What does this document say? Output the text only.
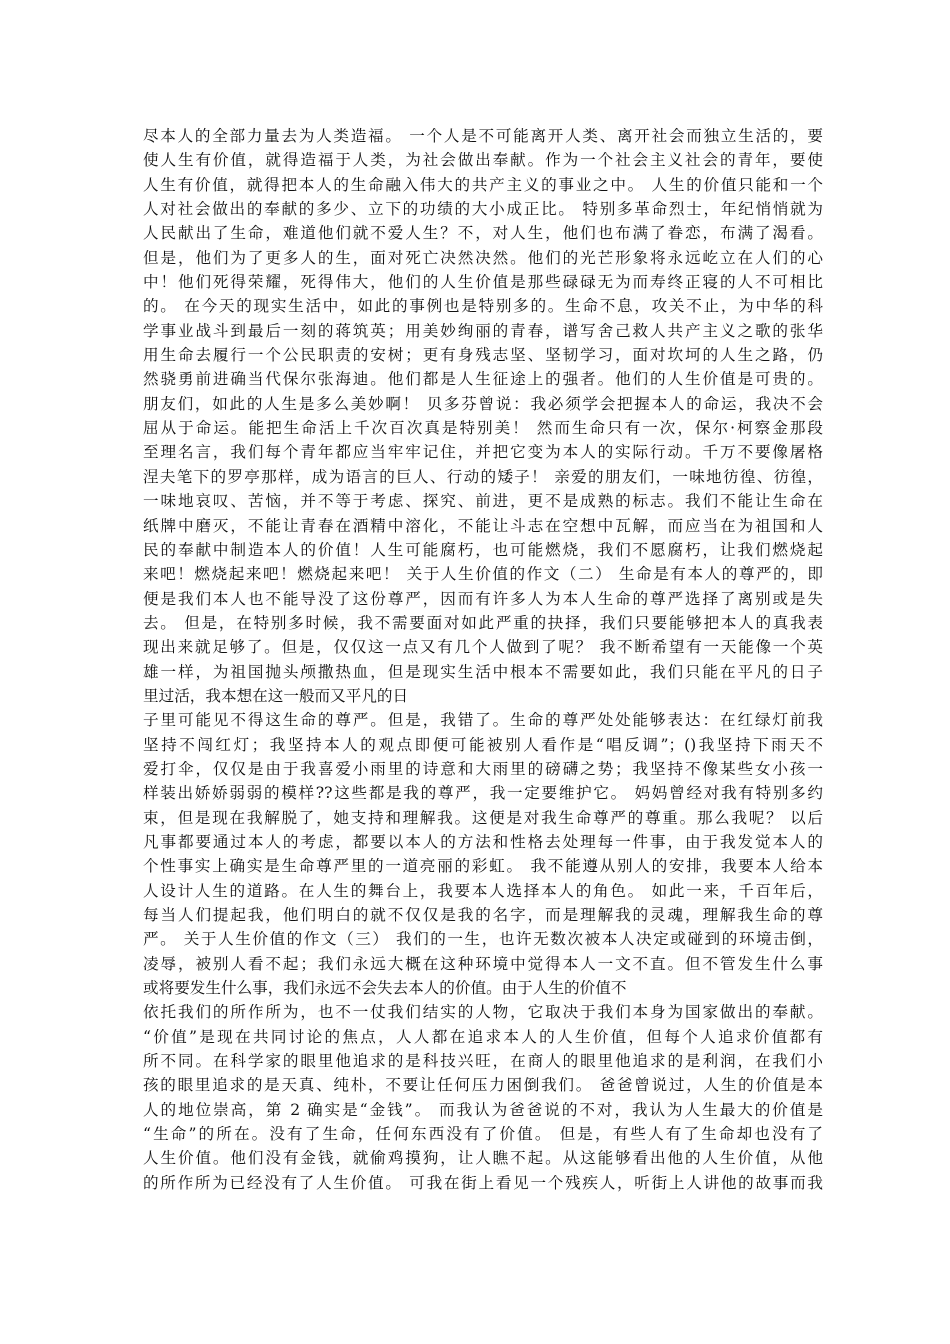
尽本人的全部力量去为人类造福。 一个人是不可能离开人类、离开社会而独立生活的，要
使人生有价值，就得造福于人类，为社会做出奉献。作为一个社会主义社会的青年，要使
人生有价值，就得把本人的生命融入伟大的共产主义的事业之中。 人生的价值只能和一个
人对社会做出的奉献的多少、立下的功绩的大小成正比。 特别多革命烈士，年纪悄悄就为
人民献出了生命，难道他们就不爱人生？不，对人生，他们也布满了眷恋，布满了渴看。
但是，他们为了更多人的生，面对死亡决然决然。他们的光芒形象将永远屹立在人们的心
中！他们死得荣耀，死得伟大，他们的人生价值是那些碌碌无为而寿终正寝的人不可相比
的。 在今天的现实生活中，如此的事例也是特别多的。生命不息，攻关不止，为中华的科
学事业战斗到最后一刻的蒋筑英；用美妙绚丽的青春，谱写舍己救人共产主义之歌的张华
用生命去履行一个公民职责的安树；更有身残志坚、坚韧学习，面对坎坷的人生之路，仍
然骁勇前进确当代保尔张海迪。他们都是人生征途上的强者。他们的人生价值是可贵的。
朋友们，如此的人生是多么美妙啊！ 贝多芬曾说：我必须学会把握本人的命运，我决不会
屈从于命运。能把生命活上千次百次真是特别美！ 然而生命只有一次，保尔·柯察金那段
至理名言，我们每个青年都应当牢牢记住，并把它变为本人的实际行动。千万不要像屠格
涅夫笔下的罗亭那样，成为语言的巨人、行动的矮子！ 亲爱的朋友们，一味地彷徨、彷徨，
一味地哀叹、苦恼，并不等于考虑、探究、前进，更不是成熟的标志。我们不能让生命在
纸牌中磨灭，不能让青春在酒精中溶化，不能让斗志在空想中瓦解，而应当在为祖国和人
民的奉献中制造本人的价值！人生可能腐朽，也可能燃烧，我们不愿腐朽，让我们燃烧起
来吧！燃烧起来吧！燃烧起来吧！ 关于人生价值的作文（二） 生命是有本人的尊严的，即
便是我们本人也不能导没了这份尊严，因而有许多人为本人生命的尊严选择了离别或是失
去。 但是，在特别多时候，我不需要面对如此严重的抉择，我们只要能够把本人的真我表
现出来就足够了。但是，仅仅这一点又有几个人做到了呢？ 我不断希望有一天能像一个英
雄一样，为祖国抛头颅撒热血，但是现实生活中根本不需要如此，我们只能在平凡的日子
里过活，我本想在这一般而又平凡的日
子里可能见不得这生命的尊严。但是，我错了。生命的尊严处处能够表达：在红绿灯前我
坚持不闯红灯；我坚持本人的观点即便可能被别人看作是“唱反调”；()我坚持下雨天不
爱打伞，仅仅是由于我喜爱小雨里的诗意和大雨里的磅礴之势；我坚持不像某些女小孩一
样装出娇娇弱弱的模样??这些都是我的尊严，我一定要维护它。 妈妈曾经对我有特别多约
束，但是现在我解脱了，她支持和理解我。这便是对我生命尊严的尊重。那么我呢？ 以后
凡事都要通过本人的考虑，都要以本人的方法和性格去处理每一件事，由于我发觉本人的
个性事实上确实是生命尊严里的一道亮丽的彩虹。 我不能遵从别人的安排，我要本人给本
人设计人生的道路。在人生的舞台上，我要本人选择本人的角色。 如此一来，千百年后，
每当人们提起我，他们明白的就不仅仅是我的名字，而是理解我的灵魂，理解我生命的尊
严。 关于人生价值的作文（三） 我们的一生，也许无数次被本人决定或碰到的环境击倒，
凌辱，被别人看不起；我们永远大概在这种环境中觉得本人一文不直。但不管发生什么事
或将要发生什么事，我们永远不会失去本人的价值。由于人生的价值不
依托我们的所作所为，也不一仗我们结实的人物，它取决于我们本身为国家做出的奉献。
“价值”是现在共同讨论的焦点，人人都在追求本人的人生价值，但每个人追求价值都有
所不同。在科学家的眼里他追求的是科技兴旺，在商人的眼里他追求的是利润，在我们小
孩的眼里追求的是天真、纯朴，不要让任何压力困倒我们。 爸爸曾说过，人生的价值是本
人的地位崇高，第 2 确实是“金钱”。 而我认为爸爸说的不对，我认为人生最大的价值是
“生命”的所在。没有了生命，任何东西没有了价值。 但是，有些人有了生命却也没有了
人生价值。他们没有金钱，就偷鸡摸狗，让人瞧不起。从这能够看出他的人生价值，从他
的所作所为已经没有了人生价值。 可我在街上看见一个残疾人，听街上人讲他的故事而我
